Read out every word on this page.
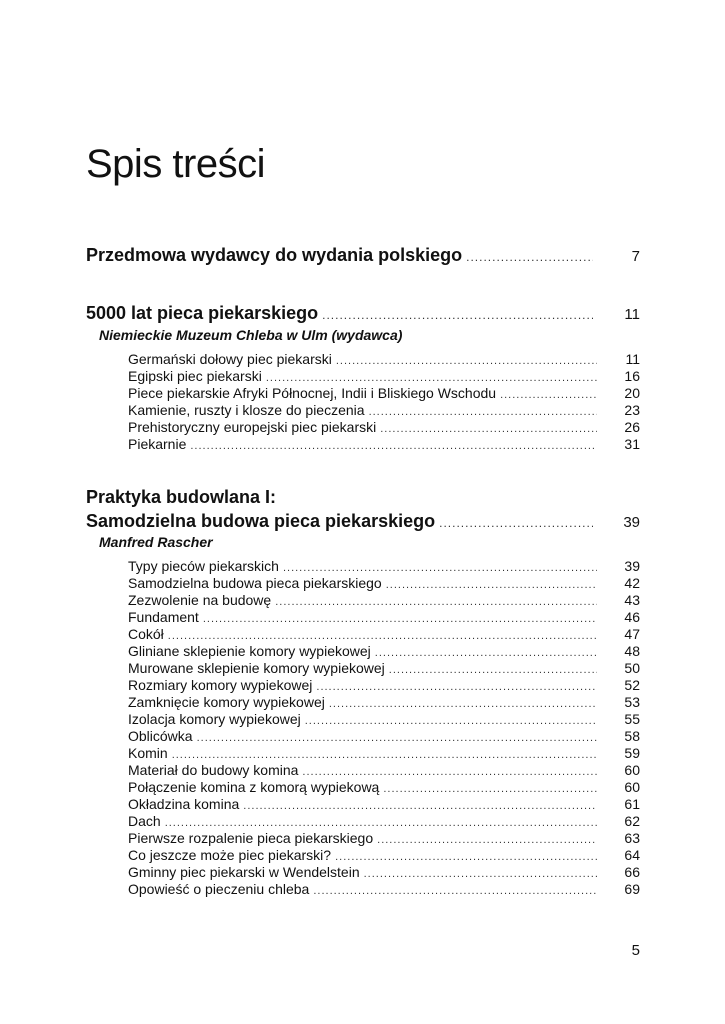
Spis treści
Przedmowa wydawcy do wydania polskiego .....	7
5000 lat pieca piekarskiego .....	11
Niemieckie Muzeum Chleba w Ulm (wydawca)
Germański dołowy piec piekarski .....	11
Egipski piec piekarski .....	16
Piece piekarskie Afryki Północnej, Indii i Bliskiego Wschodu .....	20
Kamienie, ruszty i klosze do pieczenia .....	23
Prehistoryczny europejski piec piekarski .....	26
Piekarnie .....	31
Praktyka budowlana I:
Samodzielna budowa pieca piekarskiego .....	39
Manfred Rascher
Typy pieców piekarskich .....	39
Samodzielna budowa pieca piekarskiego .....	42
Zezwolenie na budowę .....	43
Fundament .....	46
Cokół .....	47
Gliniane sklepienie komory wypiekowej .....	48
Murowane sklepienie komory wypiekowej .....	50
Rozmiary komory wypiekowej .....	52
Zamknięcie komory wypiekowej .....	53
Izolacja komory wypiekowej .....	55
Oblicówka .....	58
Komin .....	59
Materiał do budowy komina .....	60
Połączenie komina z komorą wypiekową .....	60
Okładzina komina .....	61
Dach .....	62
Pierwsze rozpalenie pieca piekarskiego .....	63
Co jeszcze może piec piekarski? .....	64
Gminny piec piekarski w Wendelstein .....	66
Opowieść o pieczeniu chleba .....	69
5
